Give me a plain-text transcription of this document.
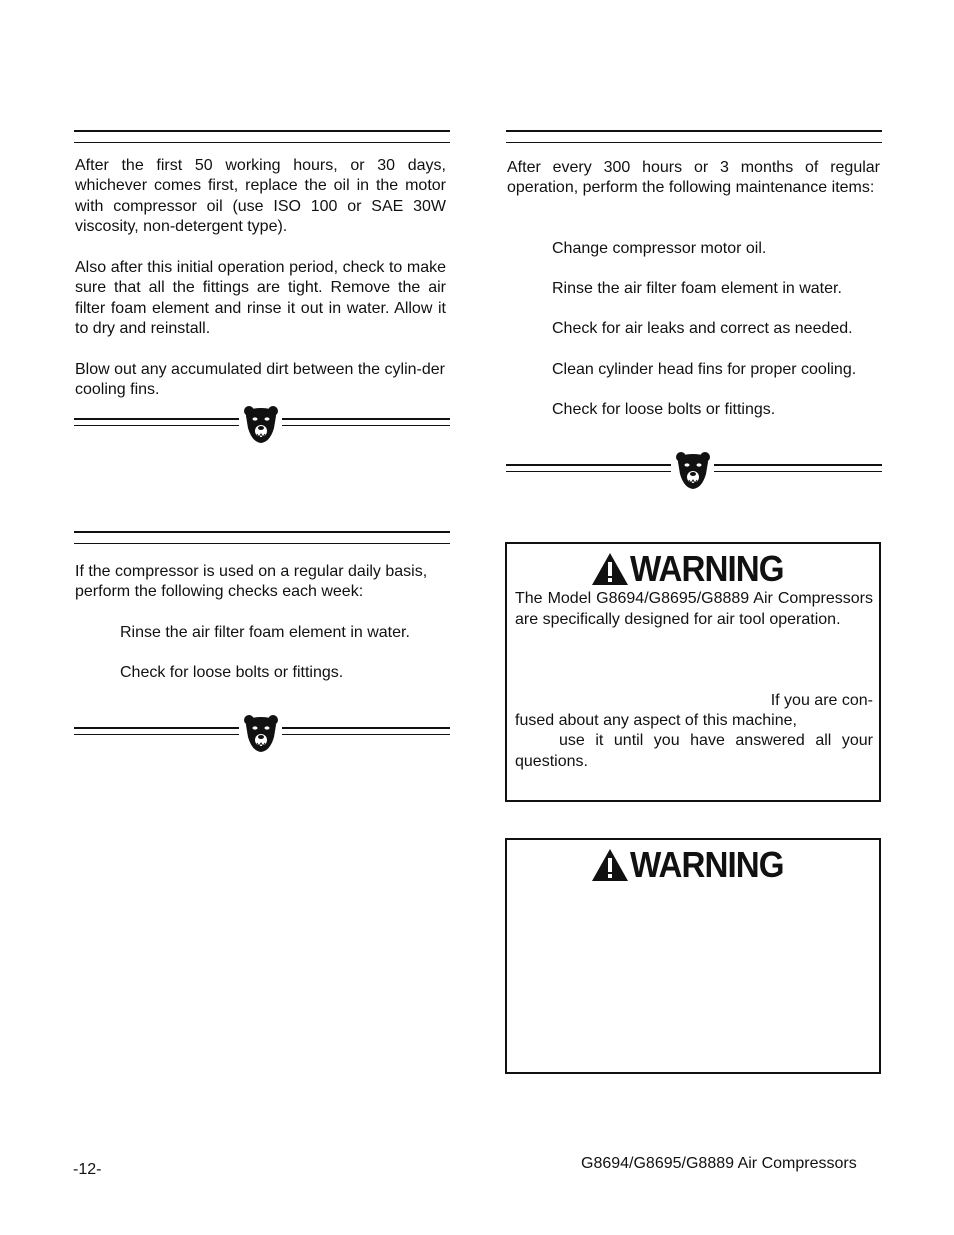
After the first 50 working hours, or 30 days, whichever comes first, replace the oil in the motor with compressor oil (use ISO 100 or SAE 30W viscosity, non-detergent type).

Also after this initial operation period, check to make sure that all the fittings are tight. Remove the air filter foam element and rinse it out in water. Allow it to dry and reinstall.

Blow out any accumulated dirt between the cylin-der cooling fins.

If the compressor is used on a regular daily basis, perform the following checks each week:

Rinse the air filter foam element in water.

Check for loose bolts or fittings.

After every 300 hours or 3 months of regular operation, perform the following maintenance items:

Change compressor motor oil.

Rinse the air filter foam element in water.

Check for air leaks and correct as needed.

Clean cylinder head fins for proper cooling.

Check for loose bolts or fittings.

WARNING

The Model G8694/G8695/G8889 Air Compressors are specifically designed for air tool operation.

If you are con-

fused about any aspect of this machine,

use it until you have answered all your

questions.

WARNING
-12-	G8694/G8695/G8889 Air Compressors
